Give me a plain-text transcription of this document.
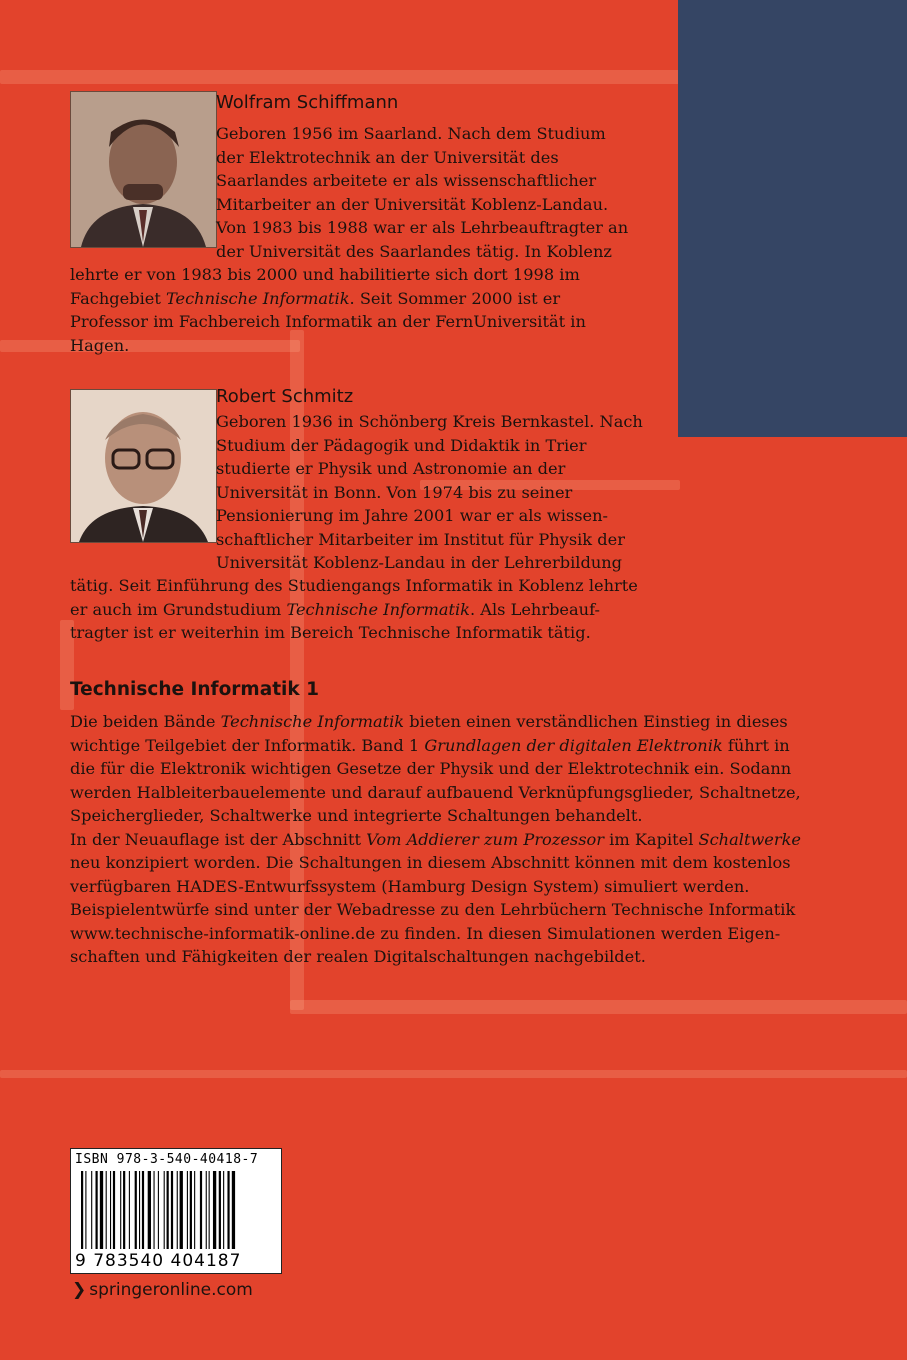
Wolfram Schiffmann
Geboren 1956 im Saarland. Nach dem Studium
der Elektrotechnik an der Universität des
Saarlandes arbeitete er als wissenschaftlicher
Mitarbeiter an der Universität Koblenz-Landau.
Von 1983 bis 1988 war er als Lehrbeauftragter an
der Universität des Saarlandes tätig. In Koblenz
lehrte er von 1983 bis 2000 und habilitierte sich dort 1998 im
Fachgebiet Technische Informatik. Seit Sommer 2000 ist er
Professor im Fachbereich Informatik an der FernUniversität in
Hagen.
Robert Schmitz
Geboren 1936 in Schönberg Kreis Bernkastel. Nach
Studium der Pädagogik und Didaktik in Trier
studierte er Physik und Astronomie an der
Universität in Bonn. Von 1974 bis zu seiner
Pensionierung im Jahre 2001 war er als wissen-
schaftlicher Mitarbeiter im Institut für Physik der
Universität Koblenz-Landau in der Lehrerbildung
tätig. Seit Einführung des Studiengangs Informatik in Koblenz lehrte
er auch im Grundstudium Technische Informatik. Als Lehrbeauf-
tragter ist er weiterhin im Bereich Technische Informatik tätig.
Technische Informatik 1
Die beiden Bände Technische Informatik bieten einen verständlichen Einstieg in dieses
wichtige Teilgebiet der Informatik. Band 1 Grundlagen der digitalen Elektronik führt in
die für die Elektronik wichtigen Gesetze der Physik und der Elektrotechnik ein. Sodann
werden Halbleiterbauelemente und darauf aufbauend Verknüpfungsglieder, Schaltnetze,
Speicherglieder, Schaltwerke und integrierte Schaltungen behandelt.
In der Neuauflage ist der Abschnitt Vom Addierer zum Prozessor im Kapitel Schaltwerke
neu konzipiert worden. Die Schaltungen in diesem Abschnitt können mit dem kostenlos
verfügbaren HADES-Entwurfssystem (Hamburg Design System) simuliert werden.
Beispielentwürfe sind unter der Webadresse zu den Lehrbüchern Technische Informatik
www.technische-informatik-online.de zu finden. In diesen Simulationen werden Eigen-
schaften und Fähigkeiten der realen Digitalschaltungen nachgebildet.
ISBN 978-3-540-40418-7
9 783540 404187
❯ springeronline.com
